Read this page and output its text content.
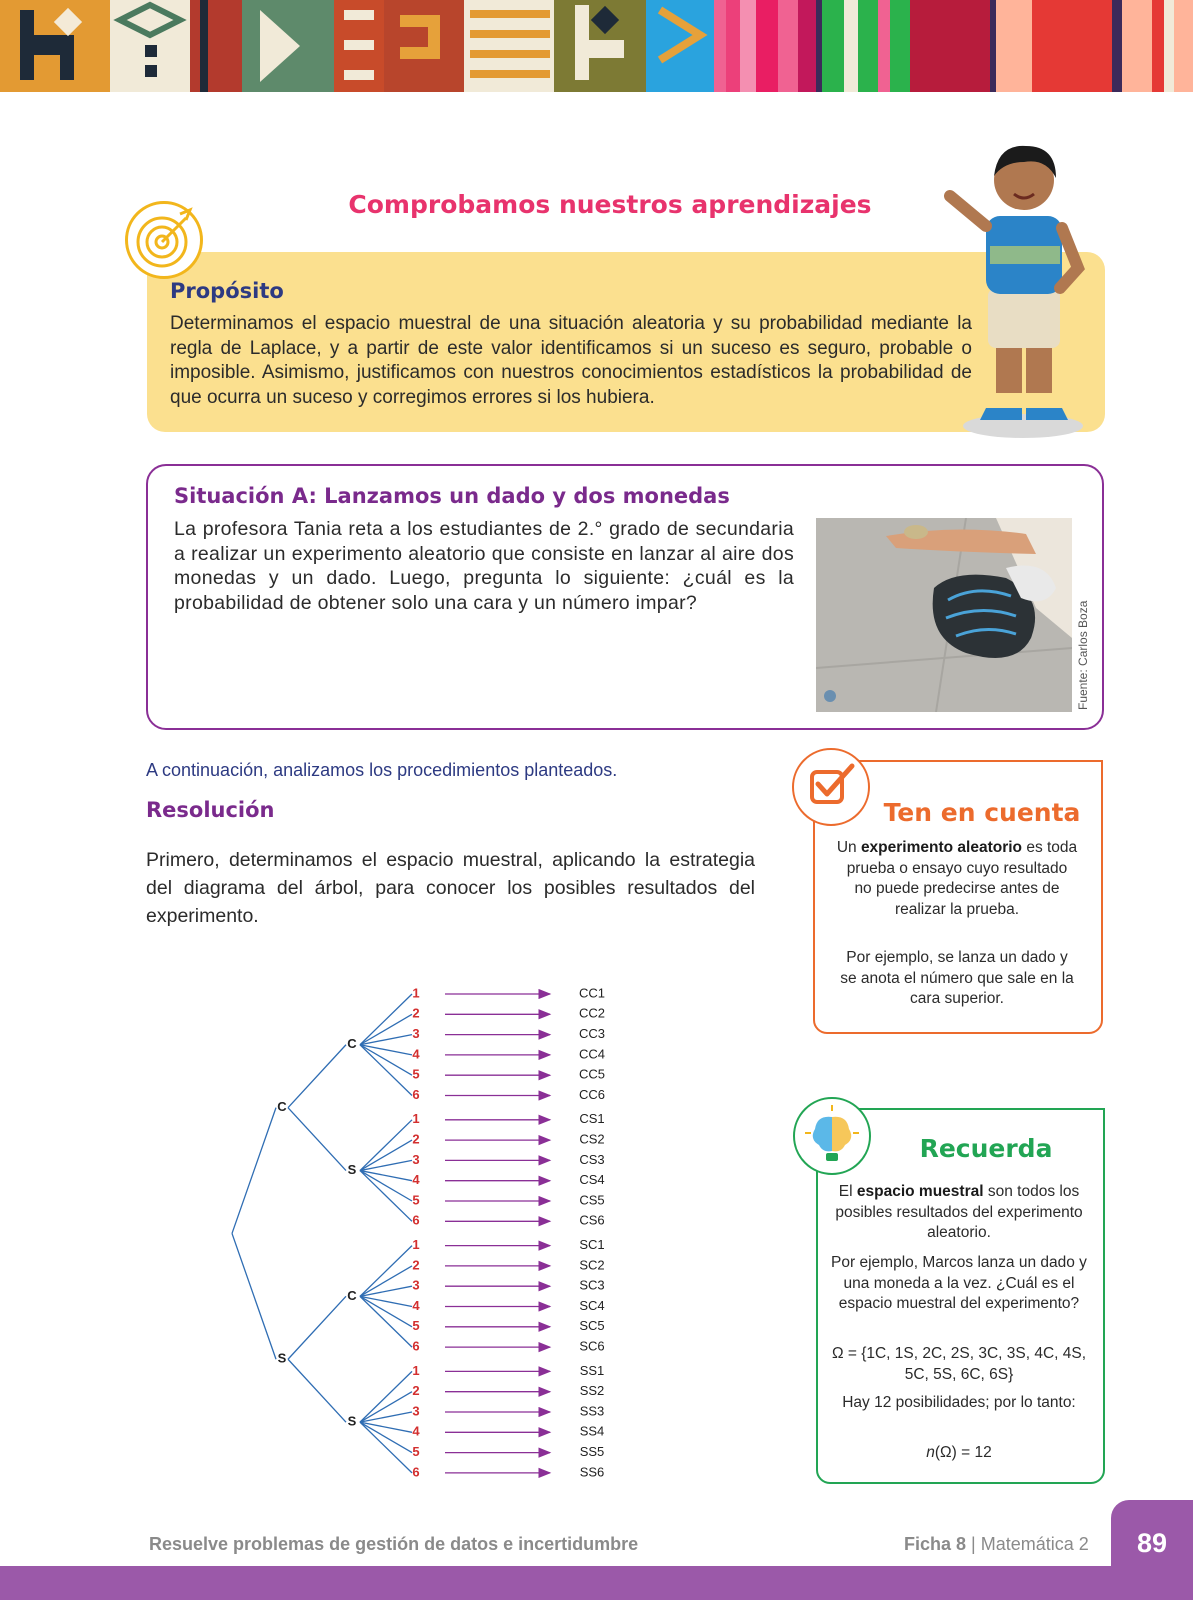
Comprobamos nuestros aprendizajes
Propósito
Determinamos el espacio muestral de una situación aleatoria y su probabilidad mediante la regla de Laplace, y a partir de este valor identificamos si un suceso es seguro, probable o imposible. Asimismo, justificamos con nuestros conocimientos estadísticos la probabilidad de que ocurra un suceso y corregimos errores si los hubiera.
Situación A: Lanzamos un dado y dos monedas
La profesora Tania reta a los estudiantes de 2.° grado de secundaria a realizar un experimento aleatorio que consiste en lanzar al aire dos monedas y un dado. Luego, pregunta lo siguiente: ¿cuál es la probabilidad de obtener solo una cara y un número impar?	Fuente: Carlos Boza
A continuación, analizamos los procedimientos planteados.
Resolución
Primero, determinamos el espacio muestral, aplicando la estrategia del diagrama del árbol, para conocer los posibles resultados del experimento.
C
S
C
1	CC1
2	CC2
3	CC3
4	CC4
5	CC5
6	CC6
S
1	CS1
2	CS2
3	CS3
4	CS4
5	CS5
6	CS6
C
1	SC1
2	SC2
3	SC3
4	SC4
5	SC5
6	SC6
S
1	SS1
2	SS2
3	SS3
4	SS4
5	SS5
6	SS6
Ten en cuenta
Un experimento aleatorio es toda prueba o ensayo cuyo resultado no puede predecirse antes de realizar la prueba.
Por ejemplo, se lanza un dado y se anota el número que sale en la cara superior.
Recuerda
El espacio muestral son todos los posibles resultados del experimento aleatorio.
Por ejemplo, Marcos lanza un dado y una moneda a la vez. ¿Cuál es el espacio muestral del experimento?
Ω = {1C, 1S, 2C, 2S, 3C, 3S, 4C, 4S, 5C, 5S, 6C, 6S}
Hay 12 posibilidades; por lo tanto:
n(Ω) = 12
Resuelve problemas de gestión de datos e incertidumbre	Ficha 8 | Matemática 2	89
